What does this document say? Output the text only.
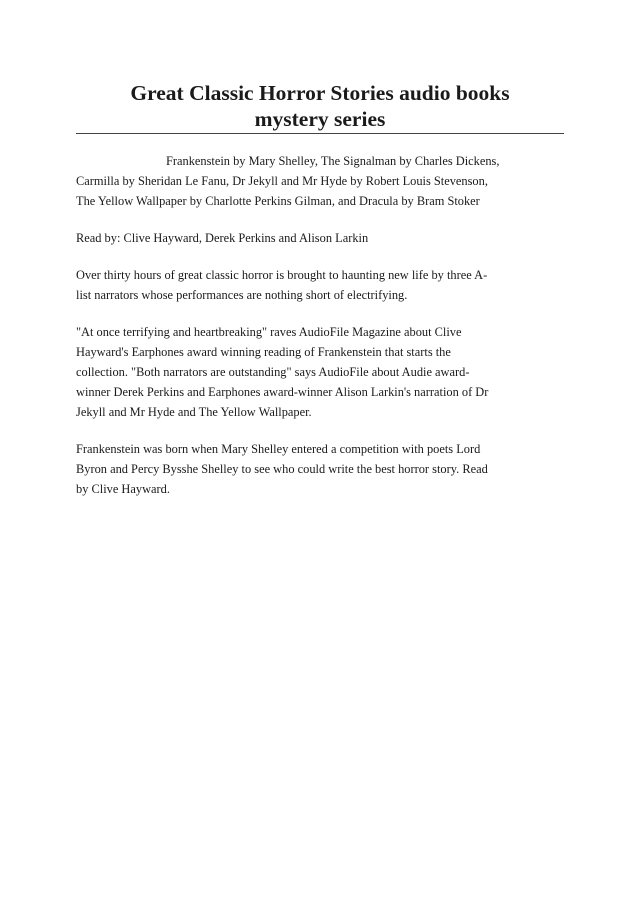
Great Classic Horror Stories audio books
mystery series

Frankenstein by Mary Shelley, The Signalman by Charles Dickens,
Carmilla by Sheridan Le Fanu, Dr Jekyll and Mr Hyde by Robert Louis Stevenson,
The Yellow Wallpaper by Charlotte Perkins Gilman, and Dracula by Bram Stoker

Read by: Clive Hayward, Derek Perkins and Alison Larkin

Over thirty hours of great classic horror is brought to haunting new life by three A-
list narrators whose performances are nothing short of electrifying.

"At once terrifying and heartbreaking" raves AudioFile Magazine about Clive
Hayward's Earphones award winning reading of Frankenstein that starts the
collection. "Both narrators are outstanding" says AudioFile about Audie award-
winner Derek Perkins and Earphones award-winner Alison Larkin's narration of Dr
Jekyll and Mr Hyde and The Yellow Wallpaper.

Frankenstein was born when Mary Shelley entered a competition with poets Lord
Byron and Percy Bysshe Shelley to see who could write the best horror story. Read
by Clive Hayward.
